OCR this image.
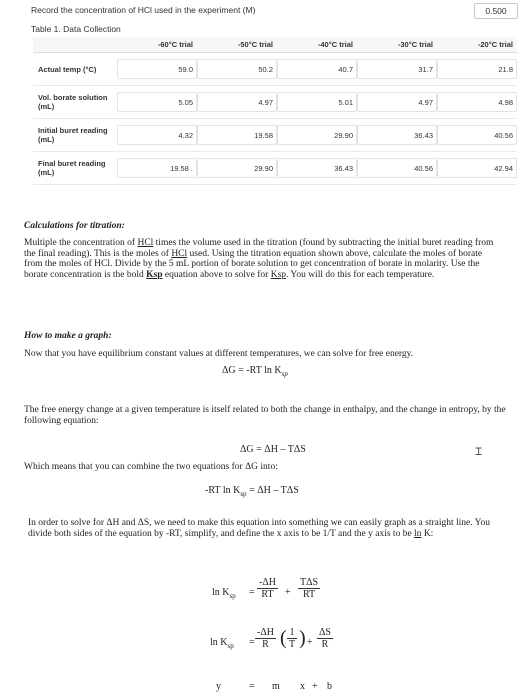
Record the concentration of HCl used in the experiment (M)	0.500
Table 1. Data Collection
	-60°C trial	-50°C trial	-40°C trial	-30°C trial	-20°C trial
Actual temp (°C)	59.0	50.2	40.7	31.7	21.8
Vol. borate solution (mL)	5.05	4.97	5.01	4.97	4.98
Initial buret reading (mL)	4.32	19.58	29.90	36.43	40.56
Final buret reading (mL)	19.58 .	29.90	36.43	40.56	42.94
Calculations for titration:
Multiple the concentration of HCl times the volume used in the titration (found by subtracting the initial buret reading from the final reading). This is the moles of HCl used. Using the titration equation shown above, calculate the moles of borate from the moles of HCl. Divide by the 5 mL portion of borate solution to get concentration of borate in molarity. Use the borate concentration is the bold Ksp equation above to solve for Ksp. You will do this for each temperature.
How to make a graph:
Now that you have equilibrium constant values at different temperatures, we can solve for free energy.
ΔG = -RT $\ln K_{sp}$
The free energy change at a given temperature is itself related to both the change in enthalpy, and the change in entropy, by the following equation:
ΔG = ΔH – TΔS	⌶
Which means that you can combine the two equations for ΔG into:
-RT $\ln K_{sp} = \Delta H - T\Delta S$
In order to solve for ΔH and ΔS, we need to make this equation into something we can easily graph as a straight line. You divide both sides of the equation by -RT, simplify, and define the x axis to be 1/T and the y axis to be ln K:
$\ln K_{sp} = \frac{-\Delta H}{RT}$ +
TΔS
RT
$\ln K_{sp} = \frac{-\Delta H}{R}$ ( $\frac{1}{T}$ ) + $\frac{\Delta S}{R}$
y	= m x + b
